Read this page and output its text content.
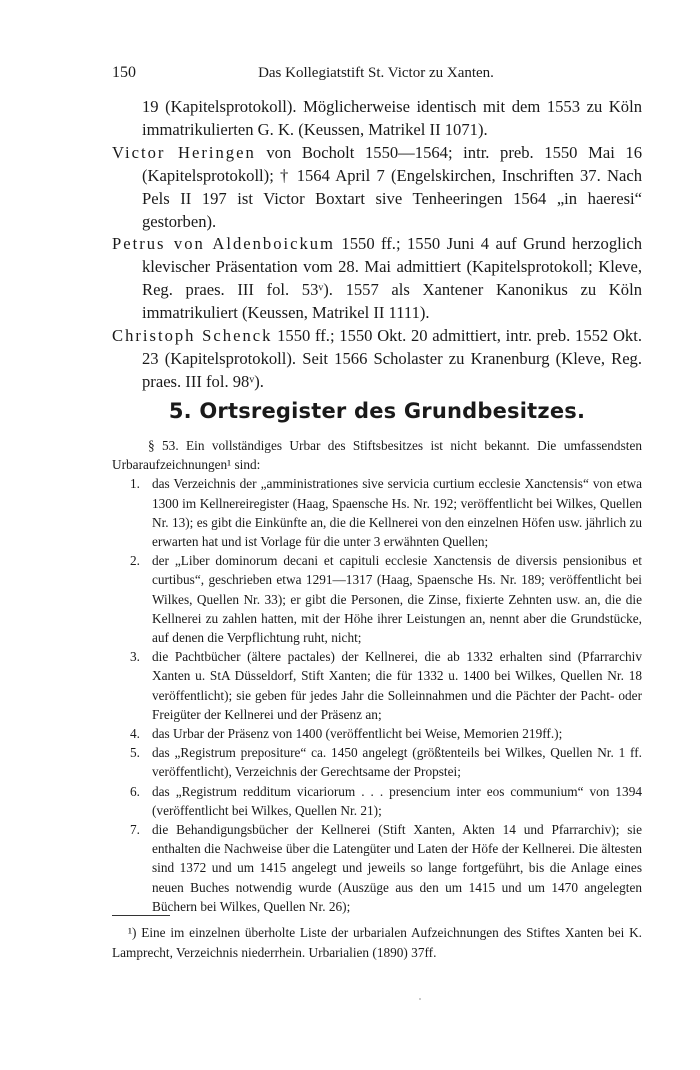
150	Das Kollegiatstift St. Victor zu Xanten.

19 (Kapitelsprotokoll). Möglicherweise identisch mit dem 1553 zu Köln immatrikulierten G. K. (Keussen, Matrikel II 1071).

Victor Heringen von Bocholt 1550—1564; intr. preb. 1550 Mai 16 (Kapitelsprotokoll); † 1564 April 7 (Engelskirchen, Inschriften 37. Nach Pels II 197 ist Victor Boxtart sive Tenheeringen 1564 „in haeresi“ gestorben).

Petrus von Aldenboickum 1550 ff.; 1550 Juni 4 auf Grund herzoglich klevischer Präsentation vom 28. Mai admittiert (Kapitelsprotokoll; Kleve, Reg. praes. III fol. 53ᵛ). 1557 als Xantener Kanonikus zu Köln immatrikuliert (Keussen, Matrikel II 1111).

Christoph Schenck 1550 ff.; 1550 Okt. 20 admittiert, intr. preb. 1552 Okt. 23 (Kapitelsprotokoll). Seit 1566 Scholaster zu Kranenburg (Kleve, Reg. praes. III fol. 98ᵛ).

5. Ortsregister des Grundbesitzes.

§ 53. Ein vollständiges Urbar des Stiftsbesitzes ist nicht bekannt. Die umfassendsten Urbaraufzeichnungen¹ sind:

1. das Verzeichnis der „amministrationes sive servicia curtium ecclesie Xanctensis“ von etwa 1300 im Kellnereiregister (Haag, Spaensche Hs. Nr. 192; veröffentlicht bei Wilkes, Quellen Nr. 13); es gibt die Einkünfte an, die die Kellnerei von den einzelnen Höfen usw. jährlich zu erwarten hat und ist Vorlage für die unter 3 erwähnten Quellen;
2. der „Liber dominorum decani et capituli ecclesie Xanctensis de diversis pensionibus et curtibus“, geschrieben etwa 1291—1317 (Haag, Spaensche Hs. Nr. 189; veröffentlicht bei Wilkes, Quellen Nr. 33); er gibt die Personen, die Zinse, fixierte Zehnten usw. an, die die Kellnerei zu zahlen hatten, mit der Höhe ihrer Leistungen an, nennt aber die Grundstücke, auf denen die Verpflichtung ruht, nicht;
3. die Pachtbücher (ältere pactales) der Kellnerei, die ab 1332 erhalten sind (Pfarrarchiv Xanten u. StA Düsseldorf, Stift Xanten; die für 1332 u. 1400 bei Wilkes, Quellen Nr. 18 veröffentlicht); sie geben für jedes Jahr die Solleinnahmen und die Pächter der Pacht- oder Freigüter der Kellnerei und der Präsenz an;
4. das Urbar der Präsenz von 1400 (veröffentlicht bei Weise, Memorien 219ff.);
5. das „Registrum prepositure“ ca. 1450 angelegt (größtenteils bei Wilkes, Quellen Nr. 1 ff. veröffentlicht), Verzeichnis der Gerechtsame der Propstei;
6. das „Registrum redditum vicariorum . . . presencium inter eos communium“ von 1394 (veröffentlicht bei Wilkes, Quellen Nr. 21);
7. die Behandigungsbücher der Kellnerei (Stift Xanten, Akten 14 und Pfarrarchiv); sie enthalten die Nachweise über die Latengüter und Laten der Höfe der Kellnerei. Die ältesten sind 1372 und um 1415 angelegt und jeweils so lange fortgeführt, bis die Anlage eines neuen Buches notwendig wurde (Auszüge aus den um 1415 und um 1470 angelegten Büchern bei Wilkes, Quellen Nr. 26);

¹) Eine im einzelnen überholte Liste der urbarialen Aufzeichnungen des Stiftes Xanten bei K. Lamprecht, Verzeichnis niederrhein. Urbarialien (1890) 37ff.
